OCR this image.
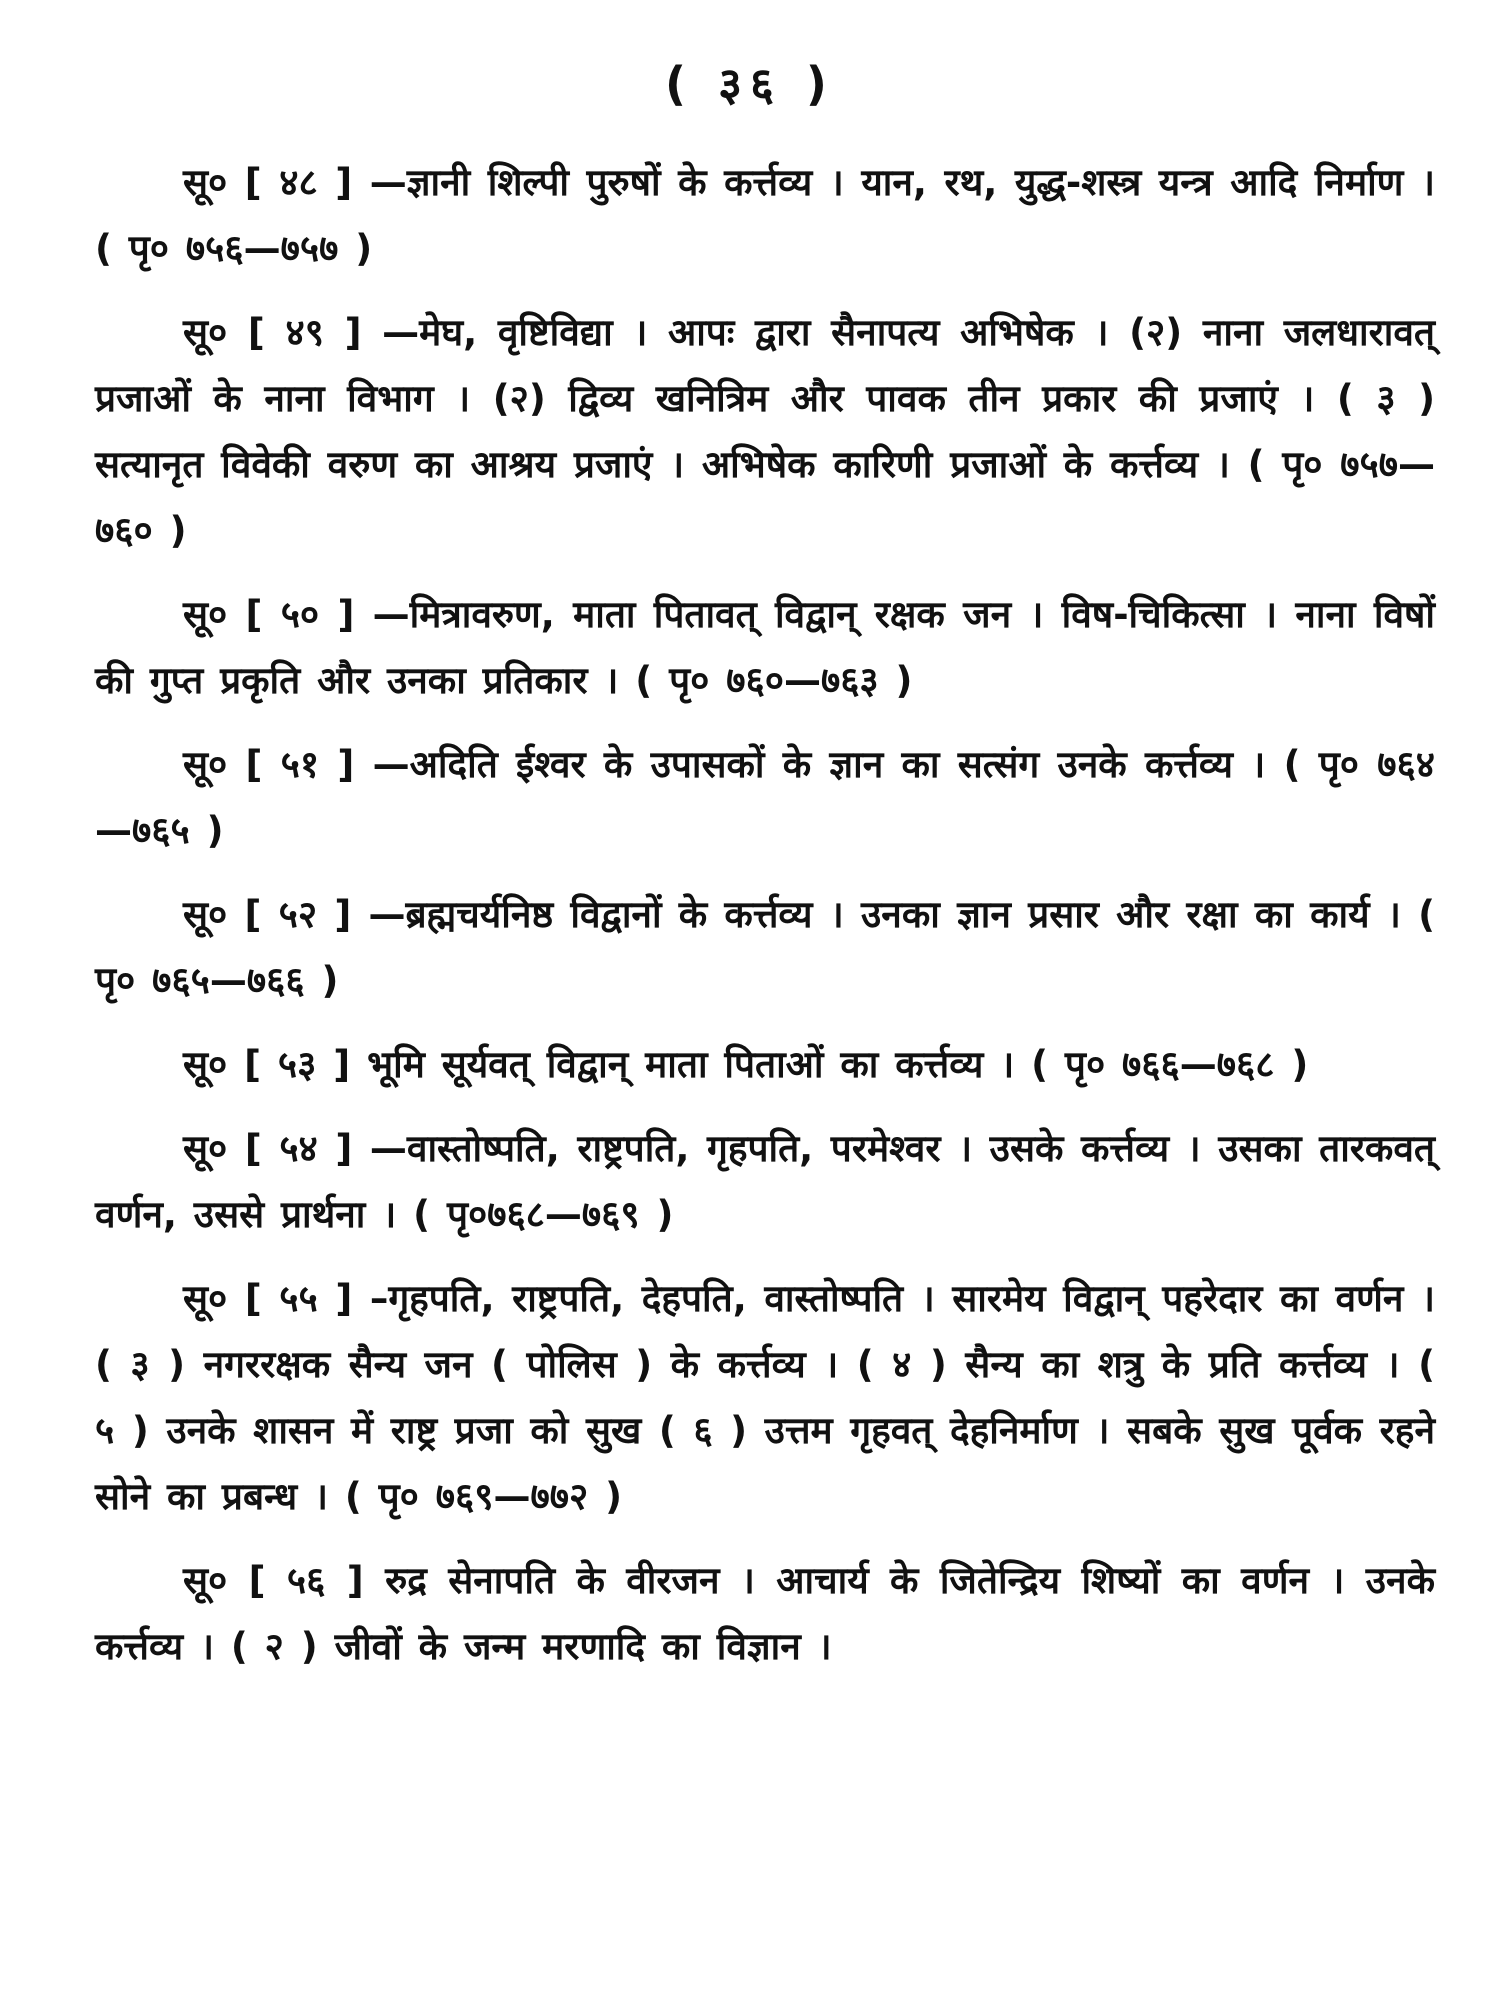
( ३६ )

सू० [ ४८ ] —ज्ञानी शिल्पी पुरुषों के कर्त्तव्य । यान, रथ, युद्ध-शस्त्र यन्त्र आदि निर्माण । ( पृ० ७५६—७५७ )

सू० [ ४९ ] —मेघ, वृष्टिविद्या । आपः द्वारा सैनापत्य अभिषेक । (२) नाना जलधारावत् प्रजाओं के नाना विभाग । (२) द्विव्य खनित्रिम और पावक तीन प्रकार की प्रजाएं । ( ३ ) सत्यानृत विवेकी वरुण का आश्रय प्रजाएं । अभिषेक कारिणी प्रजाओं के कर्त्तव्य । ( पृ० ७५७—७६० )

सू० [ ५० ] —मित्रावरुण, माता पितावत् विद्वान् रक्षक जन । विष-चिकित्सा । नाना विषों की गुप्त प्रकृति और उनका प्रतिकार । ( पृ० ७६०—७६३ )

सू० [ ५१ ] —अदिति ईश्वर के उपासकों के ज्ञान का सत्संग उनके कर्त्तव्य । ( पृ० ७६४—७६५ )

सू० [ ५२ ] —ब्रह्मचर्यनिष्ठ विद्वानों के कर्त्तव्य । उनका ज्ञान प्रसार और रक्षा का कार्य । ( पृ० ७६५—७६६ )

सू० [ ५३ ] भूमि सूर्यवत् विद्वान् माता पिताओं का कर्त्तव्य । ( पृ० ७६६—७६८ )

सू० [ ५४ ] —वास्तोष्पति, राष्ट्रपति, गृहपति, परमेश्वर । उसके कर्त्तव्य । उसका तारकवत् वर्णन, उससे प्रार्थना । ( पृ०७६८—७६९ )

सू० [ ५५ ] –गृहपति, राष्ट्रपति, देहपति, वास्तोष्पति । सारमेय विद्वान् पहरेदार का वर्णन । ( ३ ) नगररक्षक सैन्य जन ( पोलिस ) के कर्त्तव्य । ( ४ ) सैन्य का शत्रु के प्रति कर्त्तव्य । ( ५ ) उनके शासन में राष्ट्र प्रजा को सुख ( ६ ) उत्तम गृहवत् देहनिर्माण । सबके सुख पूर्वक रहने सोने का प्रबन्ध । ( पृ० ७६९—७७२ )

सू० [ ५६ ] रुद्र सेनापति के वीरजन । आचार्य के जितेन्द्रिय शिष्यों का वर्णन । उनके कर्त्तव्य । ( २ ) जीवों के जन्म मरणादि का विज्ञान ।
